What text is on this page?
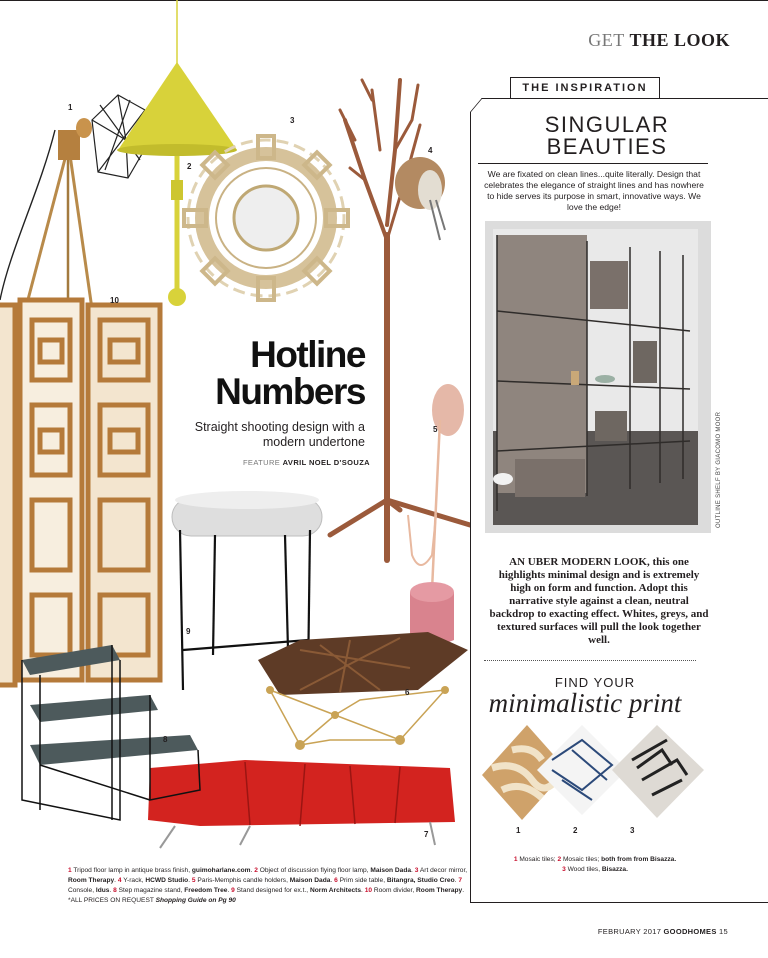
GET THE LOOK
1
2
3
4
5
6
7
8
9
10
Hotline
Numbers
Straight shooting design with a modern undertone
FEATURE AVRIL NOEL D'SOUZA
1 Tripod floor lamp in antique brass finish, guimoharlane.com. 2 Object of discussion flying floor lamp, Maison Dada. 3 Art decor mirror, Room Therapy. 4 Y-rack, HCWD Studio. 5 Paris-Memphis candle holders, Maison Dada. 6 Prim side table, Bitangra, Studio Creo. 7 Console, Idus. 8 Step magazine stand, Freedom Tree. 9 Stand designed for ex.t., Norm Architects. 10 Room divider, Room Therapy. *ALL PRICES ON REQUEST Shopping Guide on Pg 90
THE INSPIRATION
SINGULAR
BEAUTIES
We are fixated on clean lines...quite literally. Design that celebrates the elegance of straight lines and has nowhere to hide serves its purpose in smart, innovative ways. We love the edge!
OUTLINE SHELF BY GIACOMO MOOR
AN UBER MODERN LOOK, this one highlights minimal design and is extremely high on form and function. Adopt this narrative style against a clean, neutral backdrop to exacting effect. Whites, greys, and textured surfaces will pull the look together well.
FIND YOUR
minimalistic print
1	2	3
1 Mosaic tiles; 2 Mosaic tiles; both from from Bisazza.
3 Wood tiles, Bisazza.
FEBRUARY 2017 GOODHOMES 15
